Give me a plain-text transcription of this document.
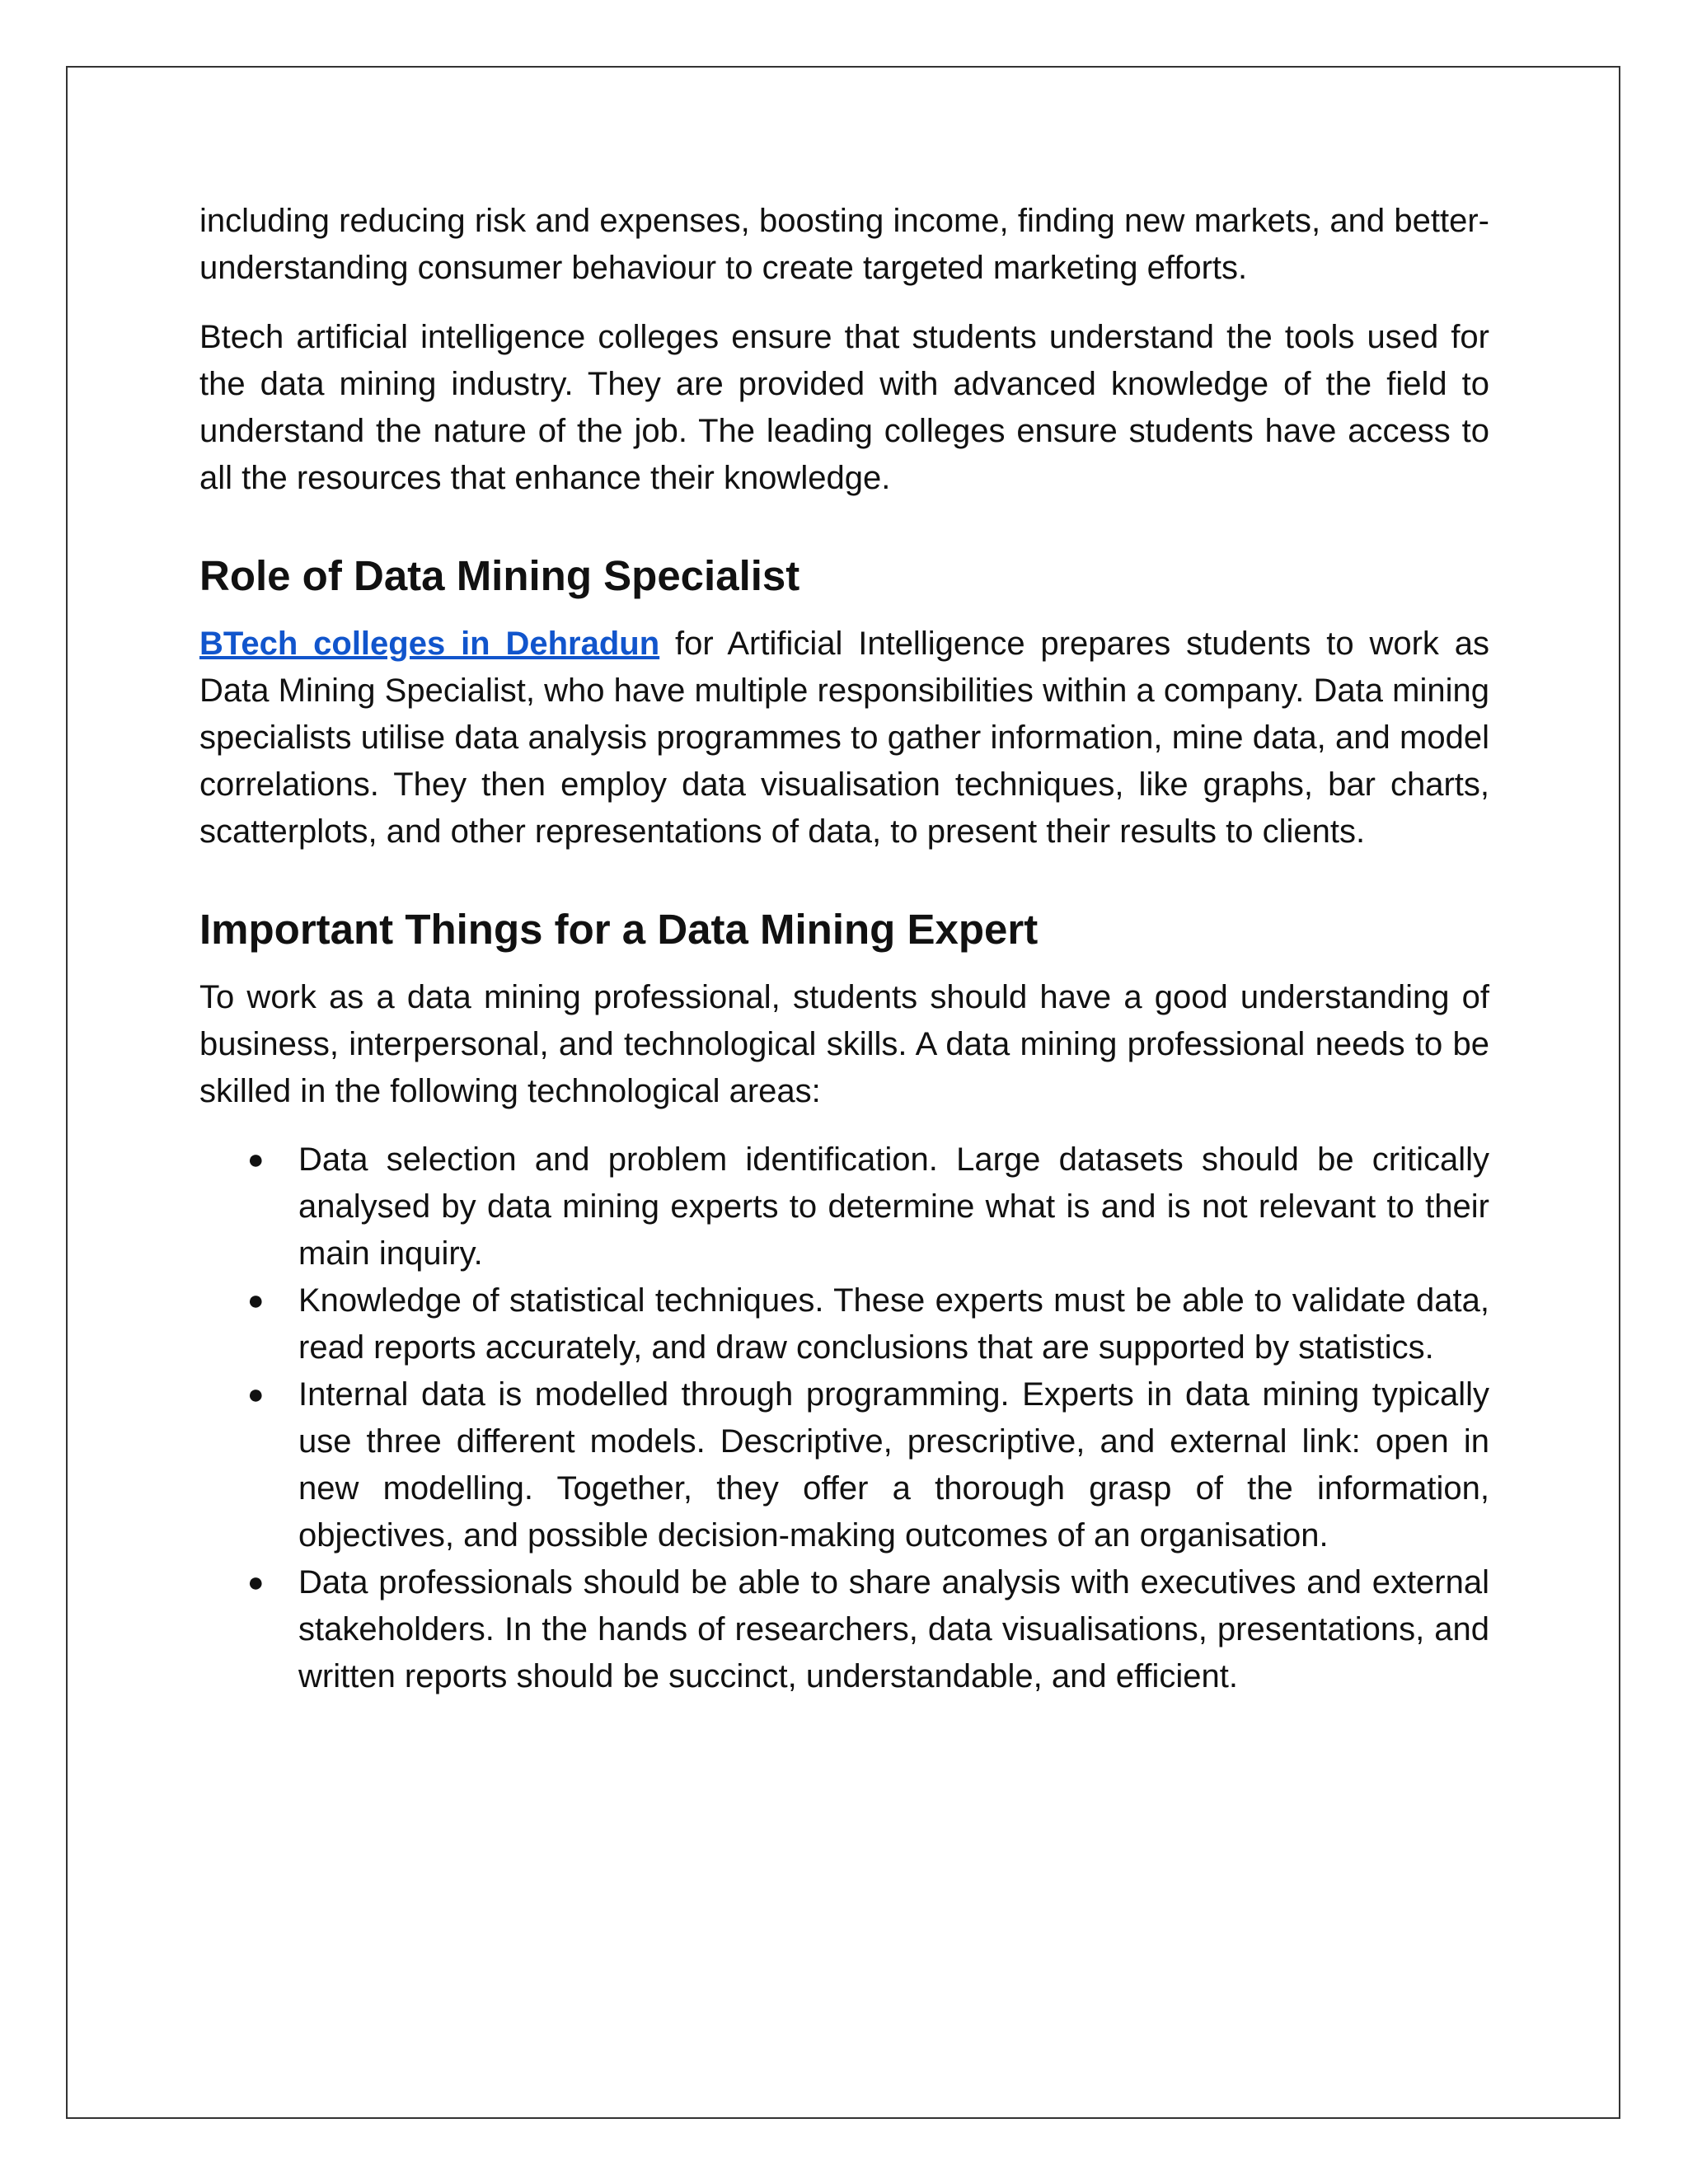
including reducing risk and expenses, boosting income, finding new markets, and better-understanding consumer behaviour to create targeted marketing efforts.

Btech artificial intelligence colleges ensure that students understand the tools used for the data mining industry. They are provided with advanced knowledge of the field to understand the nature of the job. The leading colleges ensure students have access to all the resources that enhance their knowledge.

Role of Data Mining Specialist

BTech colleges in Dehradun for Artificial Intelligence prepares students to work as Data Mining Specialist, who have multiple responsibilities within a company. Data mining specialists utilise data analysis programmes to gather information, mine data, and model correlations. They then employ data visualisation techniques, like graphs, bar charts, scatterplots, and other representations of data, to present their results to clients.

Important Things for a Data Mining Expert

To work as a data mining professional, students should have a good understanding of business, interpersonal, and technological skills. A data mining professional needs to be skilled in the following technological areas:

● Data selection and problem identification. Large datasets should be critically analysed by data mining experts to determine what is and is not relevant to their main inquiry.
● Knowledge of statistical techniques. These experts must be able to validate data, read reports accurately, and draw conclusions that are supported by statistics.
● Internal data is modelled through programming. Experts in data mining typically use three different models. Descriptive, prescriptive, and external link: open in new modelling. Together, they offer a thorough grasp of the information, objectives, and possible decision-making outcomes of an organisation.
● Data professionals should be able to share analysis with executives and external stakeholders. In the hands of researchers, data visualisations, presentations, and written reports should be succinct, understandable, and efficient.
